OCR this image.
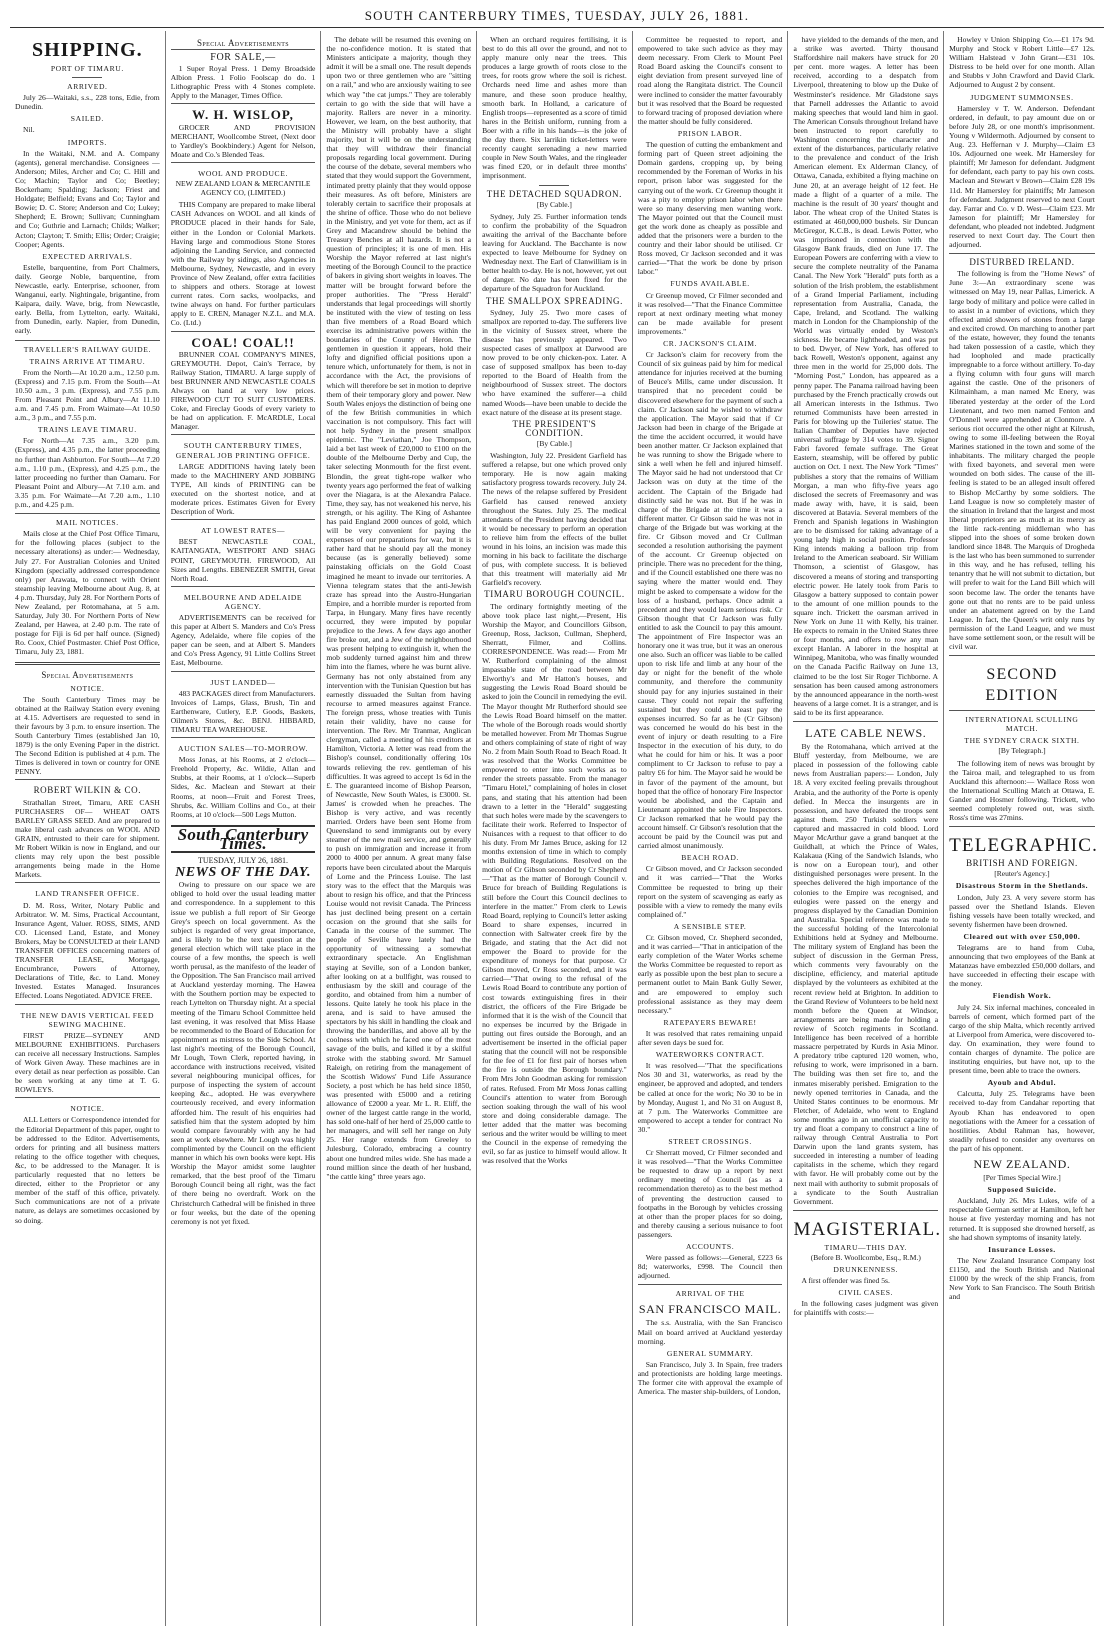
SOUTH CANTERBURY TIMES, TUESDAY, JULY 26, 1881.
SHIPPING.
PORT OF TIMARU.
ARRIVED.

July 26—Waitaki, s.s., 228 tons, Edie, from Dunedin.

SAILED.

Nil.

IMPORTS.

In the Waitaki, N.M. and A. Company (agents), general merchandise. Consignees — Anderson; Miles, Archer and Co; C. Hill and Co; Machin; Taylor and Co; Beetley; Bockerham; Spalding; Jackson; Friest and Holdgate; Belfield; Evans and Co; Taylor and Bowie; D. C. Store; Anderson and Co; Lukey; Shepherd; E. Brown; Sullivan; Cunningham and Co; Guthrie and Larnach; Childs; Walker; Acton; Clayton; T. Smith; Ellis; Order; Craigie; Cooper; Agents.

EXPECTED ARRIVALS.

Estelle, barquentine, from Port Chalmers, daily. George Noble, barquentine, from Newcastle, early. Enterprise, schooner, from Wanganui, early. Nightingale, brigantine, from Kaipara, daily. Wave, brig, from Newcastle, early. Bella, from Lyttelton, early. Waitaki, from Dunedin, early. Napier, from Dunedin, early.

TRAVELLER'S RAILWAY GUIDE.
TRAINS ARRIVE AT TIMARU.

From the North—At 10.20 a.m., 12.50 p.m. (Express) and 7.15 p.m. From the South—At 10.50 a.m., 3 p.m. (Express), and 7.55 p.m. From Pleasant Point and Albury—At 11.10 a.m. and 7.45 p.m. From Waimate—At 10.50 a.m., 3 p.m., and 7.55 p.m.

TRAINS LEAVE TIMARU.

For North—At 7.35 a.m., 3.20 p.m. (Express), and 4.35 p.m., the latter proceeding no further than Ashburton. For South—At 7.20 a.m., 1.10 p.m., (Express), and 4.25 p.m., the latter proceeding no further than Oamaru. For Pleasant Point and Albury—At 7.10 a.m. and 3.35 p.m. For Waimate—At 7.20 a.m., 1.10 p.m., and 4.25 p.m.

MAIL NOTICES.

Mails close at the Chief Post Office Timaru, for the following places (subject to the necessary alterations) as under:— Wednesday, July 27. For Australian Colonies and United Kingdom (specially addressed correspondence only) per Arawata, to connect with Orient steamship leaving Melbourne about Aug. 8, at 4 p.m. Thursday, July 28. For Northern Ports of New Zealand, per Rotomahana, at 5 a.m. Saturday, July 30. For Northern Ports of New Zealand, per Hawea, at 2.40 p.m. The rate of postage for Fiji is 6d per half ounce. (Signed) Ro. Coox, Chief Postmaster. Chief Post Office, Timaru, July 23, 1881.

Special Advertisements
NOTICE.

The South Canterbury Times may be obtained at the Railway Station every evening at 4.15. Advertisers are requested to send in their favours by 3 p.m. to ensure insertion. The South Canterbury Times (established Jan 10, 1879) is the only Evening Paper in the district. The Second Edition is published at 4 p.m. The Times is delivered in town or country for ONE PENNY.

ROBERT WILKIN & CO.

Strathallan Street, Timaru, ARE CASH PURCHASERS OF— WHEAT OATS BARLEY GRASS SEED. And are prepared to make liberal cash advances on WOOL AND GRAIN, entrusted to their care for shipment. Mr Robert Wilkin is now in England, and our clients may rely upon the best possible arrangements being made in the Home Markets.

LAND TRANSFER OFFICE.

D. M. Ross, Writer, Notary Public and Arbitrator. W. M. Sims, Practical Accountant, Insurance Agent, Valuer. ROSS, SIMS, AND CO. Licensed Land, Estate, and Money Brokers, May be CONSULTED at their LAND TRANSFER OFFICES concerning matters of TRANSFER LEASE, Mortgage, Encumbrance, Powers of Attorney, Declarations of Title, &c. to Land. Money Invested. Estates Managed. Insurances Effected. Loans Negotiated. ADVICE FREE.

THE NEW DAVIS VERTICAL FEED SEWING MACHINE.

FIRST PRIZE—SYDNEY AND MELBOURNE EXHIBITIONS. Purchasers can receive all necessary Instructions. Samples of Work Given Away. These machines are in every detail as near perfection as possible. Can be seen working at any time at T. G. ROWLEYS.

NOTICE.

ALL Letters or Correspondence intended for the Editorial Department of this paper, ought to be addressed to the Editor. Advertisements, orders for printing and all business matters relating to the office together with cheques, &c, to be addressed to the Manager. It is particularly requested that no letters be directed, either to the Proprietor or any member of the staff of this office, privately. Such communications are not of a private nature, as delays are sometimes occasioned by so doing.

Special Advertisements
FOR SALE,—

1 Super Royal Press. 1 Demy Broadside Albion Press. 1 Folio Foolscap do do. 1 Lithographic Press with 4 Stones complete. Apply to the Manager, Times Office.

W. H. WISLOP,

GROCER AND PROVISION MERCHANT, Woollcombe Street, (Next door to Yardley's Bookbindery.) Agent for Nelson, Moate and Co.'s Blended Teas.

WOOL AND PRODUCE.
NEW ZEALAND LOAN & MERCANTILE AGENCY CO, (LIMITED.)

THIS Company are prepared to make liberal CASH Advances on WOOL and all kinds of PRODUCE placed in their hands for Sale, either in the London or Colonial Markets. Having large and commodious Stone Stores adjoining the Landing Service, and connected with the Railway by sidings, also Agencies in Melbourne, Sydney, Newcastle, and in every Province of New Zealand, offer extra facilities to shippers and others. Storage at lowest current rates. Corn sacks, woolpacks, and twine always on hand. For further particulars apply to E. CREN, Manager N.Z.L. and M.A. Co. (Ltd.)

COAL! COAL!!

BRUNNER COAL COMPANY'S MINES, GREYMOUTH. Depot, Cain's Terrace, by Railway Station, TIMARU. A large supply of best BRUNNER AND NEWCASTLE COALS Always on hand at very low prices. FIREWOOD CUT TO SUIT CUSTOMERS. Coke, and Fireclay Goods of every variety to be had on application. F. McARDLE, Local Manager.

SOUTH CANTERBURY TIMES, GENERAL JOB PRINTING OFFICE.

LARGE ADDITIONS having lately been made to the MACHINERY AND JOBBING TYPE, All kinds of PRINTING can be executed on the shortest notice, and at moderate prices. Estimates Given for Every Description of Work.

AT LOWEST RATES—

BEST NEWCASTLE COAL, KAITANGATA, WESTPORT AND SHAG POINT, GREYMOUTH. FIREWOOD, All Sizes and Lengths. EBENEZER SMITH, Great North Road.

MELBOURNE AND ADELAIDE AGENCY.

ADVERTISEMENTS can be received for this paper at Albert S. Manders and Co's Press Agency, Adelaide, where file copies of the paper can be seen, and at Albert S. Manders and Co's Press Agency, 91 Little Collins Street East, Melbourne.

JUST LANDED—

483 PACKAGES direct from Manufacturers. Invoices of Lamps, Glass, Brush, Tin and Earthenware, Cutlery, E.P. Goods, Baskets, Oilmen's Stores, &c. BENJ. HIBBARD, TIMARU TEA WAREHOUSE.

AUCTION SALES—TO-MORROW.

Moss Jonas, at his Rooms, at 2 o'clock—Freehold Property, &c. Wildie, Allan and Stubbs, at their Rooms, at 1 o'clock—Superb Sides, &c. Maclean and Stewart at their Rooms, at noon—Fruit and Forest Trees, Shrubs, &c. William Collins and Co., at their Rooms, at 10 o'clock—500 Legs Mutton.

South Canterbury Times.
TUESDAY, JULY 26, 1881.
NEWS OF THE DAY.

Owing to pressure on our space we are obliged to hold over the usual leading matter and correspondence. In a supplement to this issue we publish a full report of Sir George Grey's speech on local government. As the subject is regarded of very great importance, and is likely to be the text question at the general election which will take place in the course of a few months, the speech is well worth perusal, as the manifesto of the leader of the Opposition. The San Francisco mail arrived at Auckland yesterday morning. The Hawea with the Southern portion may be expected to reach Lyttelton on Thursday night. At a special meeting of the Timaru School Committee held last evening, it was resolved that Miss Haase be recommended to the Board of Education for appointment as mistress to the Side School. At last night's meeting of the Borough Council, Mr Lough, Town Clerk, reported having, in accordance with instructions received, visited several neighbouring municipal offices, for purpose of inspecting the system of account keeping &c., adopted. He was everywhere courteously received, and every information afforded him. The result of his enquiries had satisfied him that the system adopted by him would compare favourably with any he had seen at work elsewhere. Mr Lough was highly complimented by the Council on the efficient manner in which his own books were kept. His Worship the Mayor amidst some laughter remarked, that the best proof of the Timaru Borough Council being all right, was the fact of there being no overdraft. Work on the Christchurch Cathedral will be finished in three or four weeks, but the date of the opening ceremony is not yet fixed.

The debate will be resumed this evening on the no-confidence motion. It is stated that Ministers anticipate a majority, though they admit it will be a small one. The result depends upon two or three gentlemen who are "sitting on a rail," and who are anxiously waiting to see which way "the cat jumps." They are tolerably certain to go with the side that will have a majority. Rallers are never in a minority. However, we learn, on the best authority, that the Ministry will probably have a slight majority, but it will be on the understanding that they will withdraw their financial proposals regarding local government. During the course of the debate, several members who stated that they would support the Government, intimated pretty plainly that they would oppose their measures. As oft before, Ministers are tolerably certain to sacrifice their proposals at the shrine of office. Those who do not believe in the Ministry, and yet vote for them, act as if Grey and Macandrew should be behind the Treasury Benches at all hazards. It is not a question of principles; it is one of men. His Worship the Mayor referred at last night's meeting of the Borough Council to the practice of bakers in giving short weights in loaves. The matter will be brought forward before the proper authorities. The "Press Herald" understands that legal proceedings will shortly be instituted with the view of testing on less than five members of a Road Board which exercise its administrative powers within the boundaries of the County of Heron. The gentlemen in question it appears, hold their lofty and dignified official positions upon a tenure which, unfortunately for them, is not in accordance with the Act, the provisions of which will therefore be set in motion to deprive them of their temporary glory and power. New South Wales enjoys the distinction of being one of the few British communities in which vaccination is not compulsory. This fact will not help Sydney in the present smallpox epidemic. The "Leviathan," Joe Thompson, laid a bet last week of £20,000 to £100 on the double of the Melbourne Derby and Cup, the taker selecting Monmouth for the first event. Blondin, the great tight-rope walker who twenty years ago performed the feat of walking over the Niagara, is at the Alexandra Palace. Time, they say, has not weakened his nerve, his strength, or his agility. The King of Ashantee has paid England 2000 ounces of gold, which will be very convenient for paying the expenses of our preparations for war, but it is rather hard that he should pay all the money because (as is generally believed) some painstaking officials on the Gold Coast imagined he meant to invade our territories. A Vienna telegram states that the anti-Jewish craze has spread into the Austro-Hungarian Empire, and a horrible murder is reported from Tarpa, in Hungary. Many fires have recently occurred, they were imputed by popular prejudice to the Jews. A few days ago another fire broke out, and a Jew of the neighbourhood was present helping to extinguish it, when the mob suddenly turned against him and threw him into the flames, where he was burnt alive. Germany has not only abstained from any intervention with the Tunisian Question but has earnestly dissuaded the Sultan from having recourse to armed measures against France. The foreign press, whose treaties with Tunis retain their validity, have no cause for intervention. The Rev. Mr Tranmar, Anglican clergyman, called a meeting of his creditors at Hamilton, Victoria. A letter was read from the Bishop's counsel, conditionally offering 10s towards relieving the rev. gentleman of his difficulties. It was agreed to accept 1s 6d in the £. The guaranteed income of Bishop Pearson, of Newcastle, New South Wales, is £3000. St. James' is crowded when he preaches. The Bishop is very active, and was recently married. Orders have been sent Home from Queensland to send immigrants out by every steamer of the new mail service, and generally to push on immigration and increase it from 2000 to 4000 per annum. A great many false reports have been circulated about the Marquis of Lorne and the Princess Louise. The last story was to the effect that the Marquis was about to resign his office, and that the Princess Louise would not revisit Canada. The Princess has just declined being present on a certain occasion on the ground that she sails for Canada in the course of the summer. The people of Seville have lately had the opportunity of witnessing a somewhat extraordinary spectacle. An Englishman staying at Seville, son of a London banker, after looking on at a bullfight, was roused to enthusiasm by the skill and courage of the gordito, and obtained from him a number of lessons. Quite lately he took his place in the arena, and is said to have amused the spectators by his skill in handling the cloak and throwing the banderillas, and above all by the coolness with which he faced one of the most savage of the bulls, and killed it by a skilful stroke with the stabbing sword. Mr Samuel Raleigh, on retiring from the management of the Scottish Widows' Fund Life Assurance Society, a post which he has held since 1850, was presented with £5000 and a retiring allowance of £2000 a year. Mr L. R. Eliff, the owner of the largest cattle range in the world, has sold one-half of her herd of 25,000 cattle to her managers, and will sell her range on July 25. Her range extends from Greeley to Julesburg, Colorado, embracing a country about one hundred miles wide. She has made a round million since the death of her husband, "the cattle king" three years ago.

When an orchard requires fertilising, it is best to do this all over the ground, and not to apply manure only near the trees. This produces a large growth of roots close to the trees, for roots grow where the soil is richest. Orchards need lime and ashes more than manure, and these soon produce healthy, smooth bark. In Holland, a caricature of English troops—represented as a score of timid hares in the British uniform, running from a Boer with a rifle in his hands—is the joke of the day there. Six larrikin ticket-letters were recently caught serenading a new married couple in New South Wales, and the ringleader was fined £20, or in default three months' imprisonment.

THE DETACHED SQUADRON.
[By Cable.]

Sydney, July 25. Further information tends to confirm the probability of the Squadron awaiting the arrival of the Bacchante before leaving for Auckland. The Bacchante is now expected to leave Melbourne for Sydney on Wednesday next. The Earl of Clanwilliam is in better health to-day. He is not, however, yet out of danger. No date has been fixed for the departure of the Squadron for Auckland.

THE SMALLPOX SPREADING.

Sydney, July 25. Two more cases of smallpox are reported to-day. The sufferers live in the vicinity of Sussex street, where the disease has previously appeared. Two suspected cases of smallpox at Darwood are now proved to be only chicken-pox. Later. A case of supposed smallpox has been to-day reported to the Board of Health from the neighbourhood of Sussex street. The doctors who have examined the sufferer—a child named Woods—have been unable to decide the exact nature of the disease at its present stage.

THE PRESIDENT'S CONDITION.
[By Cable.]

Washington, July 22. President Garfield has suffered a relapse, but one which proved only temporary. He is now again making satisfactory progress towards recovery. July 24. The news of the relapse suffered by President Garfield has caused renewed anxiety throughout the States. July 25. The medical attendants of the President having decided that it would be necessary to perform an operation to relieve him from the effects of the bullet wound in his loins, an incision was made this morning in his back to facilitate the discharge of pus, with complete success. It is believed that this treatment will materially aid Mr Garfield's recovery.

TIMARU BOROUGH COUNCIL.

The ordinary fortnightly meeting of the above took place last night,—Present, His Worship the Mayor, and Councillors Gibson, Greenup, Ross, Jackson, Cullman, Shepherd, Sherratt, Filmer, and Collins. CORRESPONDENCE. Was read:— From Mr W. Rutherford complaining of the almost impassable state of the road between Mr Elworthy's and Mr Hatton's houses, and suggesting the Lewis Road Board should be asked to join the Council in remedying the evil. The Mayor thought Mr Rutherford should see the Lewis Road Board himself on the matter. The whole of the Borough roads would shortly be metalled however. From Mr Thomas Sugrue and others complaining of state of right of way No. 2 from Main South Road to Beach Road. It was resolved that the Works Committee be empowered to enter into such works as to render the streets passable. From the manager "Timaru Hotel," complaining of holes in closet pans, and stating that his attention had been drawn to a letter in the "Herald" suggesting that such holes were made by the scavengers to facilitate their work. Referred to Inspector of Nuisances with a request to that officer to do his duty. From Mr James Bruce, asking for 12 months extension of time in which to comply with Building Regulations. Resolved on the motion of Cr Gibson seconded by Cr Shepherd—"That as the matter of Borough Council v. Bruce for breach of Building Regulations is still before the Court this Council declines to interfere in the matter." From clerk to Lewis Road Board, replying to Council's letter asking Board to share expenses, incurred in connection with Saltwater creek fire by the Brigade, and stating that the Act did not empower the Board to provide for the expenditure of moneys for that purpose. Cr Gibson moved, Cr Ross seconded, and it was carried—"That owing to the refusal of the Lewis Road Board to contribute any portion of cost towards extinguishing fires in their district, the officers of the Fire Brigade be informed that it is the wish of the Council that no expenses be incurred by the Brigade in putting out fires outside the Borough, and an advertisement be inserted in the official paper stating that the council will not be responsible for the fee of £1 for first pair of horses when the fire is outside the Borough boundary." From Mrs John Goodman asking for remission of rates. Refused. From Mr Moss Jonas calling Council's attention to water from Borough section soaking through the wall of his wool store and doing considerable damage. The letter added that the matter was becoming serious and the writer would be willing to meet the Council in the expense of remedying the evil, so far as justice to himself would allow. It was resolved that the Works

Committee be requested to report, and empowered to take such advice as they may deem necessary. From Clerk to Mount Peel Road Board asking the Council's consent to eight deviation from present surveyed line of road along the Rangitata district. The Council were inclined to consider the matter favourably but it was resolved that the Board be requested to forward tracing of proposed deviation where the matter should be fully considered.

PRISON LABOR.

The question of cutting the embankment and forming part of Queen street adjoining the Domain gardens, cropping up, by being recommended by the Foreman of Works in his report, prison labor was suggested for the carrying out of the work. Cr Greenup thought it was a pity to employ prison labor when there were so many deserving men wanting work. The Mayor pointed out that the Council must get the work done as cheaply as possible and added that the prisoners were a burden to the country and their labor should be utilised. Cr Ross moved, Cr Jackson seconded and it was carried—"That the work be done by prison labor."

FUNDS AVAILABLE.

Cr Greenup moved, Cr Filmer seconded and it was resolved—"That the Finance Committee report at next ordinary meeting what money can be made available for present improvements."

CR. JACKSON'S CLAIM.

Cr Jackson's claim for recovery from the Council of six guineas paid by him for medical attendance for injuries received at the burning of Beuce's Mills, came under discussion. It transpired that no precedent could be discovered elsewhere for the payment of such a claim. Cr Jackson said he wished to withdraw the application. The Mayor said that if Cr Jackson had been in charge of the Brigade at the time the accident occurred, it would have been another matter. Cr Jackson explained that he was running to show the Brigade where to sink a well when he fell and injured himself. The Mayor said he had not understood that Cr Jackson was on duty at the time of the accident. The Captain of the Brigade had distinctly said he was not. But if he was in charge of the Brigade at the time it was a different matter. Cr Gibson said he was not in charge of the Brigade but was working at the fire. Cr Gibson moved and Cr Cullman seconded a resolution authorising the payment of the account. Cr Greenup objected on principle. There was no precedent for the thing, and if the Council established one there was no saying where the matter would end. They might be asked to compensate a widow for the loss of a husband, perhaps. Once admit a precedent and they would learn serious risk. Cr Gibson thought that Cr Jackson was fully entitled to ask the Council to pay this amount. The appointment of Fire Inspector was an honorary one it was true, but it was an onerous one also. Such an officer was liable to be called upon to risk life and limb at any hour of the day or night for the benefit of the whole community, and therefore the community should pay for any injuries sustained in their cause. They could not repair the suffering sustained but they could at least pay the expenses incurred. So far as he (Cr Gibson) was concerned he would do his best in the event of injury or death resulting to a Fire Inspector in the execution of his duty, to do what he could for him or his. It was a poor compliment to Cr Jackson to refuse to pay a paltry £6 for him. The Mayor said he would be in favor of the payment of the amount, but hoped that the office of honorary Fire Inspector would be abolished, and the Captain and Lieutenant appointed the sole Fire Inspectors. Cr Jackson remarked that he would pay the account himself. Cr Gibson's resolution that the account be paid by the Council was put and carried almost unanimously.

BEACH ROAD.

Cr Gibson moved, and Cr Jackson seconded and it was carried—"That the Works Committee be requested to bring up their report on the system of scavenging as early as possible with a view to remedy the many evils complained of."

A SENSIBLE STEP.

Cr. Gibson moved, Cr. Shepherd seconded, and it was carried—"That in anticipation of the early completion of the Water Works scheme the Works Committee be requested to report as early as possible upon the best plan to secure a permanent outlet to Main Bank Gully Sewer, and are empowered to employ such professional assistance as they may deem necessary."

RATEPAYERS BEWARE!

It was resolved that rates remaining unpaid after seven days be sued for.

WATERWORKS CONTRACT.

It was resolved—"That the specifications Nos 30 and 31, waterworks, as read by the engineer, be approved and adopted, and tenders be called at once for the work; No 30 to be in by Monday, August 1, and No 31 on August 8, at 7 p.m. The Waterworks Committee are empowered to accept a tender for contract No 30."

STREET CROSSINGS.

Cr Sherratt moved, Cr Filmer seconded and it was resolved—"That the Works Committee be requested to draw up a report by next ordinary meeting of Council (as as a recommendation thereto) as to the best method of preventing the destruction caused to footpaths in the Borough by vehicles crossing at other than the proper places for so doing, and thereby causing a serious nuisance to foot passengers.

ACCOUNTS.

Were passed as follows:—General, £223 6s 8d; waterworks, £998. The Council then adjourned.

ARRIVAL OF THE
SAN FRANCISCO MAIL.

The s.s. Australia, with the San Francisco Mail on board arrived at Auckland yesterday morning.

GENERAL SUMMARY.

San Francisco, July 3. In Spain, free traders and protectionists are holding large meetings. The former cite with approval the example of America. The master ship-builders, of London,

have yielded to the demands of the men, and a strike was averted. Thirty thousand Staffordshire nail makers have struck for 20 per cent. more wages. A letter has been received, according to a despatch from Liverpool, threatening to blow up the Duke of Westminster's residence. Mr Gladstone says that Parnell addresses the Atlantic to avoid making speeches that would land him in gaol. The American Consuls throughout Ireland have been instructed to report carefully to Washington concerning the character and extent of the disturbances, particularly relative to the prevalence and conduct of the Irish American element. Ex Alderman Clancy, of Ottawa, Canada, exhibited a flying machine on June 20, at an average height of 12 feet. He made a flight of a quarter of a mile. The machine is the result of 30 years' thought and labor. The wheat crop of the United States is estimated at 460,000,000 bushels. Sir Duncan McGregor, K.C.B., is dead. Lewis Potter, who was imprisoned in connection with the Glasgow Bank frauds, died on June 17. The European Powers are conferring with a view to secure the complete neutrality of the Panama Canal. The New York "Herald" puts forth as a solution of the Irish problem, the establishment of a Grand Imperial Parliament, including representation from Australia, Canada, the Cape, Ireland, and Scotland. The walking match in London for the Championship of the World was virtually ended by Weston's sickness. He became lightheaded, and was put to bed. Dwyer, of New York, has offered to back Rowell, Weston's opponent, against any three men in the world for 25,000 dols. The "Morning Post," London, has appeared as a penny paper. The Panama railroad having been purchased by the French practically crowds out all American interests in the Isthmus. Two returned Communists have been arrested in Paris for blowing up the Tuileries' statue. The Italian Chamber of Deputies have rejected universal suffrage by 314 votes to 39. Signor Fabri favored female suffrage. The Great Eastern, steamship, will be offered by public auction on Oct. 1 next. The New York "Times" publishes a story that the remains of William Morgan, a man who fifty-five years ago disclosed the secrets of Freemasonry and was made away with, have, it is said, been discovered at Batavia. Several members of the French and Spanish legations in Washington are to be dismissed for taking advantage of a young lady high in social position. Professor King intends making a balloon trip from Ireland to the American seaboard. Sir William Thomson, a scientist of Glasgow, has discovered a means of storing and transporting electric power. He lately took from Paris to Glasgow a battery supposed to contain power to the amount of one million pounds to the square inch. Trickett the oarsman arrived in New York on June 11 with Kelly, his trainer. He expects to remain in the United States three or four months, and offers to row any man except Hanlan. A laborer in the hospital at Winnipeg, Manitoba, who was finally wounded on the Canada Pacific Railway on June 13, claimed to be the lost Sir Roger Tichborne. A sensation has been caused among astronomers by the announced appearance in the north-west heavens of a large comet. It is a stranger, and is said to be its first appearance.

LATE CABLE NEWS.

By the Rotomahana, which arrived at the Bluff yesterday, from Melbourne, we are placed in possession of the following cable news from Australian papers:— London, July 18. A very excited feeling prevails throughout Arabia, and the authority of the Porte is openly defied. In Mecca the insurgents are in possession, and have defeated the troops sent against them. 250 Turkish soldiers were captured and massacred in cold blood. Lord Mayor McArthur gave a grand banquet at the Guildhall, at which the Prince of Wales, Kalakaua (King of the Sandwich Islands, who is now on a European tour), and other distinguished personages were present. In the speeches delivered the high importance of the colonies to the Empire was recognised, and eulogies were passed on the energy and progress displayed by the Canadian Dominion and Australia. Special reference was made to the successful holding of the Intercolonial Exhibitions held at Sydney and Melbourne. The military system of England has been the subject of discussion in the German Press, which comments very favourably on the discipline, efficiency, and material aptitude displayed by the volunteers as exhibited at the recent review held at Brighton. In addition to the Grand Review of Volunteers to be held next month before the Queen at Windsor, arrangements are being made for holding a review of Scotch regiments in Scotland. Intelligence has been received of a horrible massacre perpetrated by Kurds in Asia Minor. A predatory tribe captured 120 women, who, refusing to work, were imprisoned in a barn. The building was then set fire to, and the inmates miserably perished. Emigration to the newly opened territories in Canada, and the United States continues to be enormous. Mr Fletcher, of Adelaide, who went to England some months ago in an unofficial capacity to try and float a company to construct a line of railway through Central Australia to Port Darwin upon the land grants system, has succeeded in interesting a number of leading capitalists in the scheme, which they regard with favor. He will probably come out by the next mail with authority to submit proposals of a syndicate to the South Australian Government.

MAGISTERIAL.
TIMARU—THIS DAY.
(Before B. Woollcombe, Esq., R.M.)
DRUNKENNESS.

A first offender was fined 5s.

CIVIL CASES.

In the following cases judgment was given for plaintiffs with costs:—

Howley v Union Shipping Co.—£1 17s 9d. Murphy and Stock v Robert Little—£7 12s. William Halstead v John Grant—£31 10s. Distress to be held over for one month. Allan and Stubbs v John Crawford and David Clark. Adjourned to August 2 by consent.

JUDGMENT SUMMONSES.

Hamersley v T. W. Anderson. Defendant ordered, in default, to pay amount due on or before July 28, or one month's imprisonment. Young v Wildermoth. Adjourned by consent to Aug. 23. Heffernan v J. Murphy—Claim £3 10s. Adjourned one week. Mr Hamersley for plaintiff; Mr Jameson for defendant. Judgment for defendant, each party to pay his own costs. Maclean and Stewart v Brown—Claim £28 19s 11d. Mr Hamersley for plaintiffs; Mr Jameson for defendant. Judgment reserved to next Court day. Farrar and Co. v D. West—Claim £23. Mr Jameson for plaintiff; Mr Hamersley for defendant, who pleaded not indebted. Judgment reserved to next Court day. The Court then adjourned.

DISTURBED IRELAND.

The following is from the "Home News" of June 3:—An extraordinary scene was witnessed on May 19, near Pallas, Limerick. A large body of military and police were called in to assist in a number of evictions, which they effected amid showers of stones from a large and excited crowd. On marching to another part of the estate, however, they found the tenants had taken possession of a castle, which they had loopholed and made practically impregnable to a force without artillery. To-day a flying column with four guns will march against the castle. One of the prisoners of Kilmainham, a man named Mc Enery, was liberated yesterday at the order of the Lord Lieutenant, and two men named Fenton and O'Donnell were apprehended at Clonmore. A serious riot occurred the other night at Kilrush, owing to some ill-feeling between the Royal Marines stationed in the town and some of the inhabitants. The military charged the people with fixed bayonets, and several men were wounded on both sides. The cause of the ill-feeling is stated to be an alleged insult offered to Bishop McCarthy by some soldiers. The Land League is now so completely master of the situation in Ireland that the largest and most liberal proprietors are as much at its mercy as the little rack-renting middleman who has slipped into the shoes of some broken down landlord since 1848. The Marquis of Drogheda is the last who has been summoned to surrender in this way, and he has refused, telling his tenantry that he will not submit to dictation, but will prefer to wait for the Land Bill which will soon become law. The order the tenants have gone out that no rents are to be paid unless under an abatement agreed on by the Land League. In fact, the Queen's writ only runs by permission of the Land League, and we must have some settlement soon, or the result will be civil war.

SECOND EDITION
INTERNATIONAL SCULLING MATCH.
THE SYDNEY CRACK SIXTH.
[By Telegraph.]

The following item of news was brought by the Tairoa mail, and telegraphed to us from Auckland this afternoon:— Wallace Ross won the International Sculling Match at Ottawa, E. Gander and Hosmer following. Trickett, who seemed completely rowed out, was sixth. Ross's time was 27mins.

TELEGRAPHIC.
BRITISH AND FOREIGN.
[Reuter's Agency.]
Disastrous Storm in the Shetlands.

London, July 23. A very severe storm has passed over the Shetland Islands. Eleven fishing vessels have been totally wrecked, and seventy fishermen have been drowned.

Cleared out with over £50,000.

Telegrams are to hand from Cuba, announcing that two employees of the Bank at Matanzas have embezzled £50,000 dollars, and have succeeded in effecting their escape with the money.

Fiendish Work.

July 24. Six infernal machines, concealed in barrels of cement, which formed part of the cargo of the ship Malta, which recently arrived at Liverpool from America, were discovered to-day. On examination, they were found to contain charges of dynamite. The police are instituting enquiries, but have not, up to the present time, been able to trace the owners.

Ayoub and Abdul.

Calcutta, July 25. Telegrams have been received to-day from Candahar reporting that Ayoub Khan has endeavored to open negotiations with the Ameer for a cessation of hostilities. Abdul Rahman has, however, steadily refused to consider any overtures on the part of his opponent.

NEW ZEALAND.
[Per Times Special Wire.]
Supposed Suicide.

Auckland, July 26. Mrs Lukes, wife of a respectable German settler at Hamilton, left her house at five yesterday morning and has not returned. It is supposed she drowned herself, as she had shown symptoms of insanity lately.

Insurance Losses.

The New Zealand Insurance Company lost £1150, and the South British and National £1000 by the wreck of the ship Francis, from New York to San Francisco. The South British and
